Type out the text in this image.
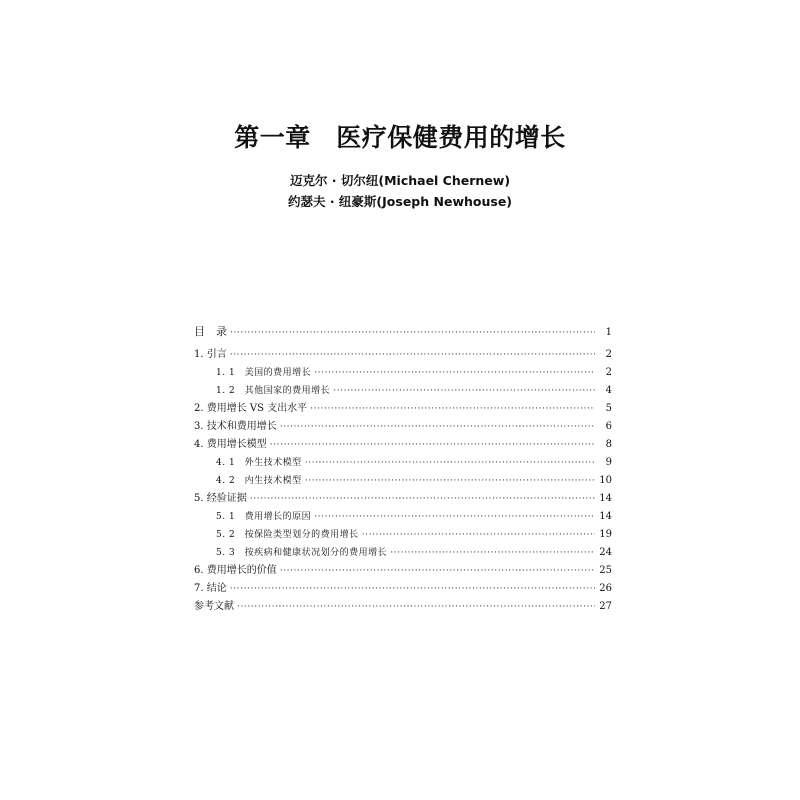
第一章　医疗保健费用的增长
迈克尔 · 切尔纽(Michael Chernew)
约瑟夫 · 纽豪斯(Joseph Newhouse)
目　录 ·····	1
1. 引言 ·····	2
1. 1　美国的费用增长 ·····	2
1. 2　其他国家的费用增长 ·····	4
2. 费用增长 VS 支出水平 ·····	5
3. 技术和费用增长 ·····	6
4. 费用增长模型 ·····	8
4. 1　外生技术模型 ·····	9
4. 2　内生技术模型 ·····	10
5. 经验证据 ·····	14
5. 1　费用增长的原因 ·····	14
5. 2　按保险类型划分的费用增长 ·····	19
5. 3　按疾病和健康状况划分的费用增长 ·····	24
6. 费用增长的价值 ·····	25
7. 结论 ·····	26
参考文献 ·····	27
